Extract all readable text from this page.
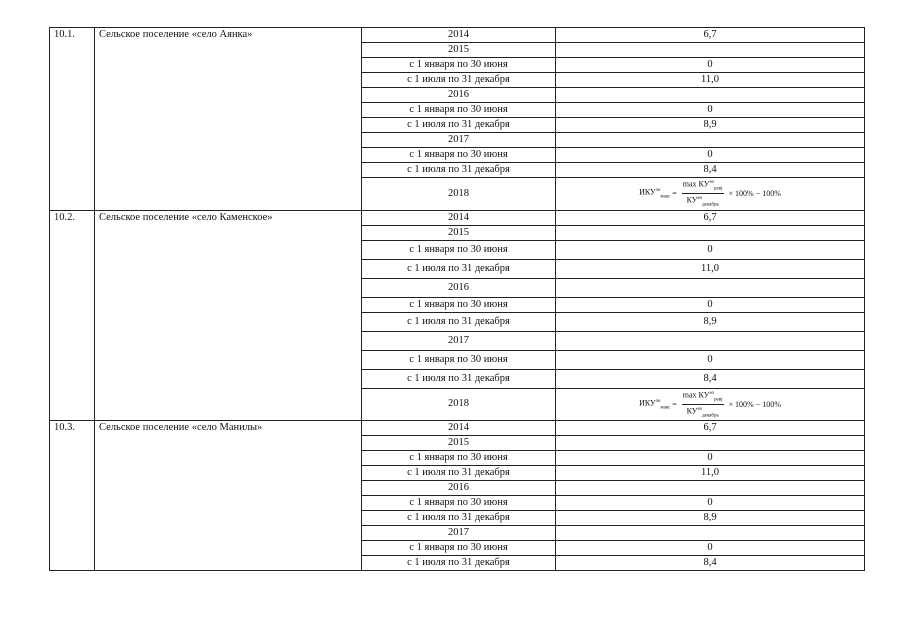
10.1.	Сельское поселение «село Аянка»	2014	6,7
		2015	
		с 1 января по 30 июня	0
		с 1 июля по 31 декабря	11,0
		2016	
		с 1 января по 30 июня	0
		с 1 июля по 31 декабря	8,9
		2017	
		с 1 января по 30 июня	0
		с 1 июля по 31 декабря	8,4
		2018	$ИКУ^{эо}_{макс} = \frac{\max КУ^{эо}_{ревj}}{КУ^{эо}_{декабрь}} \times 100\% - 100\%$

10.2.	Сельское поселение «село Каменское»	2014	6,7
		2015	
		с 1 января по 30 июня	0
		с 1 июля по 31 декабря	11,0
		2016	
		с 1 января по 30 июня	0
		с 1 июля по 31 декабря	8,9
		2017	
		с 1 января по 30 июня	0
		с 1 июля по 31 декабря	8,4
		2018	$ИКУ^{эо}_{макс} = \frac{\max КУ^{эо}_{ревj}}{КУ^{эо}_{декабрь}} \times 100\% - 100\%$

10.3.	Сельское поселение «село Манилы»	2014	6,7
		2015	
		с 1 января по 30 июня	0
		с 1 июля по 31 декабря	11,0
		2016	
		с 1 января по 30 июня	0
		с 1 июля по 31 декабря	8,9
		2017	
		с 1 января по 30 июня	0
		с 1 июля по 31 декабря	8,4
